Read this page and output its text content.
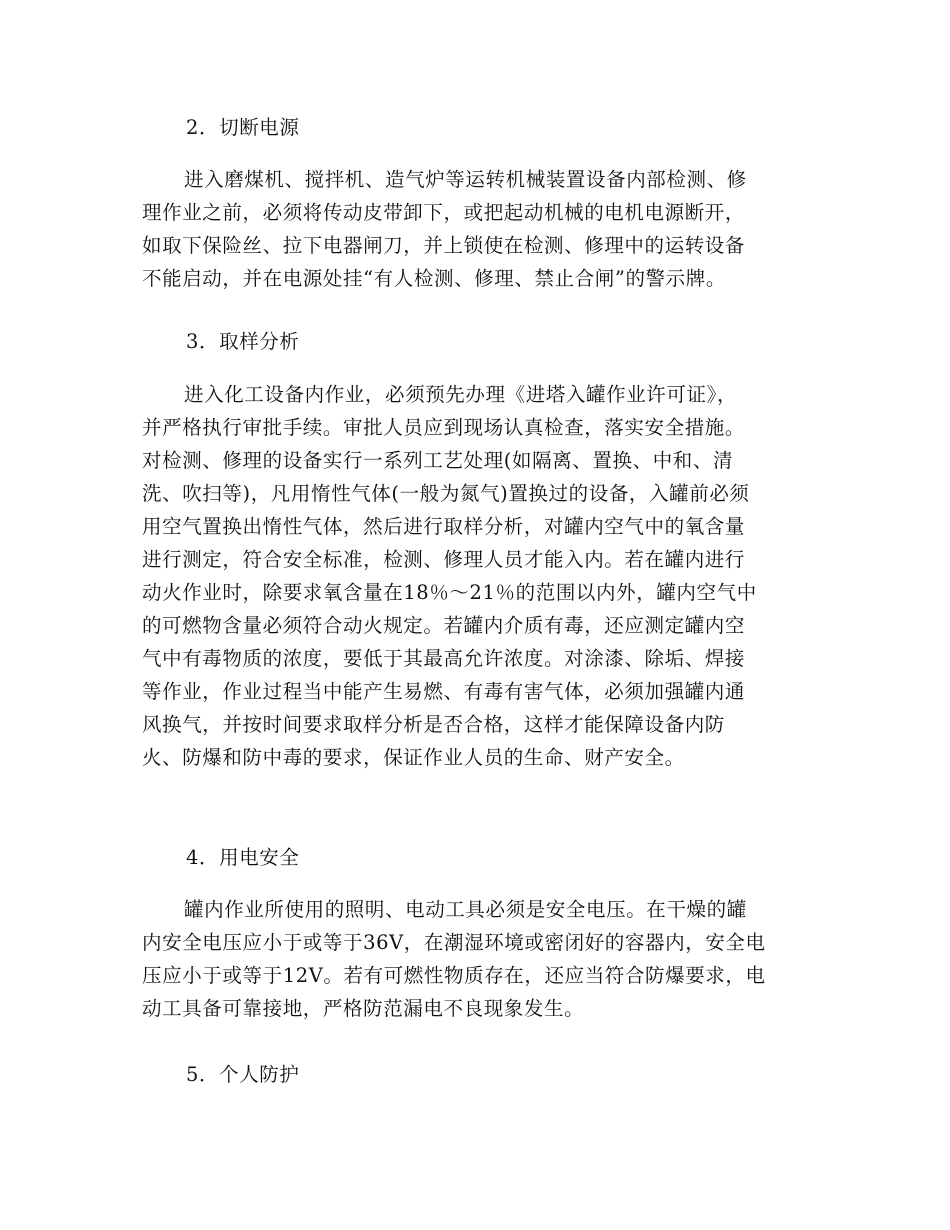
2．切断电源
进入磨煤机、搅拌机、造气炉等运转机械装置设备内部检测、修
理作业之前，必须将传动皮带卸下，或把起动机械的电机电源断开，
如取下保险丝、拉下电器闸刀，并上锁使在检测、修理中的运转设备
不能启动，并在电源处挂“有人检测、修理、禁止合闸”的警示牌。
3．取样分析
进入化工设备内作业，必须预先办理《进塔入罐作业许可证》，
并严格执行审批手续。审批人员应到现场认真检查，落实安全措施。
对检测、修理的设备实行一系列工艺处理(如隔离、置换、中和、清
洗、吹扫等)，凡用惰性气体(一般为氮气)置换过的设备，入罐前必须
用空气置换出惰性气体，然后进行取样分析，对罐内空气中的氧含量
进行测定，符合安全标准，检测、修理人员才能入内。若在罐内进行
动火作业时，除要求氧含量在18％～21％的范围以内外，罐内空气中
的可燃物含量必须符合动火规定。若罐内介质有毒，还应测定罐内空
气中有毒物质的浓度，要低于其最高允许浓度。对涂漆、除垢、焊接
等作业，作业过程当中能产生易燃、有毒有害气体，必须加强罐内通
风换气，并按时间要求取样分析是否合格，这样才能保障设备内防
火、防爆和防中毒的要求，保证作业人员的生命、财产安全。
4．用电安全
罐内作业所使用的照明、电动工具必须是安全电压。在干燥的罐
内安全电压应小于或等于36V，在潮湿环境或密闭好的容器内，安全电
压应小于或等于12V。若有可燃性物质存在，还应当符合防爆要求，电
动工具备可靠接地，严格防范漏电不良现象发生。
5．个人防护
